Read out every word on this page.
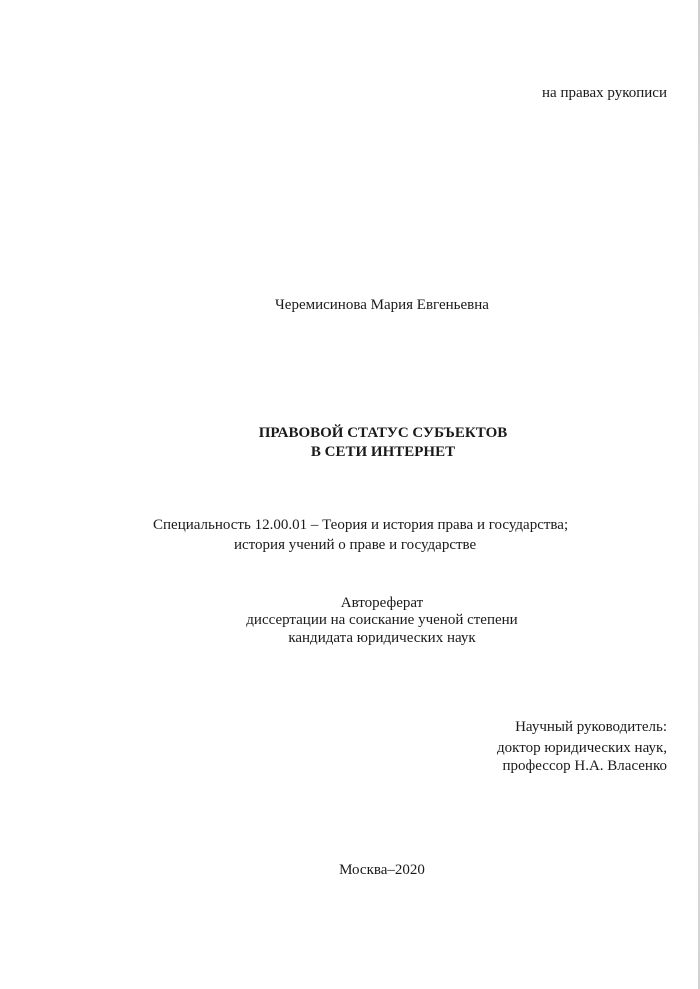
на правах рукописи
Черемисинова Мария Евгеньевна
ПРАВОВОЙ СТАТУС СУБЪЕКТОВ
В СЕТИ ИНТЕРНЕТ
Специальность 12.00.01 – Теория и история права и государства;
история учений о праве и государстве
Автореферат
диссертации на соискание ученой степени
кандидата юридических наук
Научный руководитель:
доктор юридических наук,
профессор Н.А. Власенко
Москва–2020
